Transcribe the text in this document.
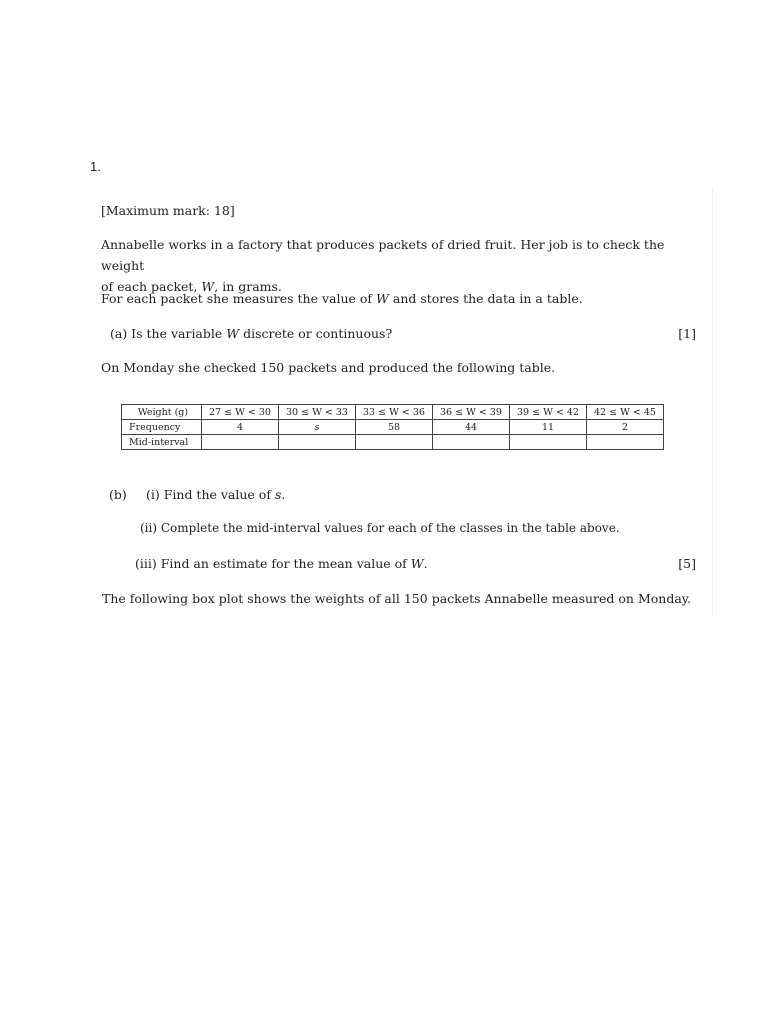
1.
[Maximum mark: 18]
Annabelle works in a factory that produces packets of dried fruit. Her job is to check the weight
of each packet, W, in grams.
For each packet she measures the value of W and stores the data in a table.
(a) Is the variable W discrete or continuous?	[1]
On Monday she checked 150 packets and produced the following table.
Weight (g)	27 ≤ W < 30	30 ≤ W < 33	33 ≤ W < 36	36 ≤ W < 39	39 ≤ W < 42	42 ≤ W < 45
Frequency	4	s	58	44	11	2
Mid-interval						
(b) (i) Find the value of s.
(ii) Complete the mid-interval values for each of the classes in the table above.
(iii) Find an estimate for the mean value of W.	[5]
The following box plot shows the weights of all 150 packets Annabelle measured on Monday.
